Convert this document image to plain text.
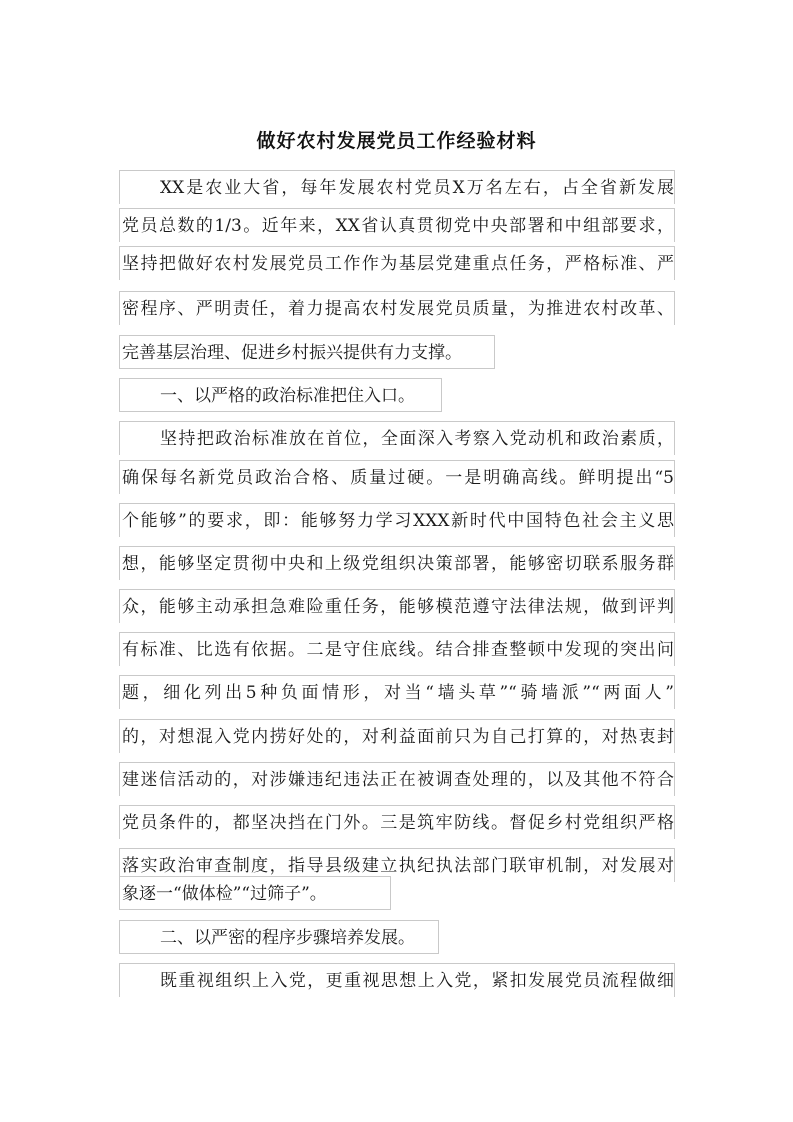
做好农村发展党员工作经验材料
XX是农业大省，每年发展农村党员X万名左右，占全省新发展
党员总数的1/3。近年来，XX省认真贯彻党中央部署和中组部要求，
坚持把做好农村发展党员工作作为基层党建重点任务，严格标准、严
密程序、严明责任，着力提高农村发展党员质量，为推进农村改革、
完善基层治理、促进乡村振兴提供有力支撑。
一、以严格的政治标准把住入口。
坚持把政治标准放在首位，全面深入考察入党动机和政治素质，
确保每名新党员政治合格、质量过硬。一是明确高线。鲜明提出“5
个能够”的要求，即：能够努力学习XXX新时代中国特色社会主义思
想，能够坚定贯彻中央和上级党组织决策部署，能够密切联系服务群
众，能够主动承担急难险重任务，能够模范遵守法律法规，做到评判
有标准、比选有依据。二是守住底线。结合排查整顿中发现的突出问
题，细化列出5种负面情形，对当“墙头草”“骑墙派”“两面人”
的，对想混入党内捞好处的，对利益面前只为自己打算的，对热衷封
建迷信活动的，对涉嫌违纪违法正在被调查处理的，以及其他不符合
党员条件的，都坚决挡在门外。三是筑牢防线。督促乡村党组织严格
落实政治审查制度，指导县级建立执纪执法部门联审机制，对发展对
象逐一“做体检”“过筛子”。
二、以严密的程序步骤培养发展。
既重视组织上入党，更重视思想上入党，紧扣发展党员流程做细
